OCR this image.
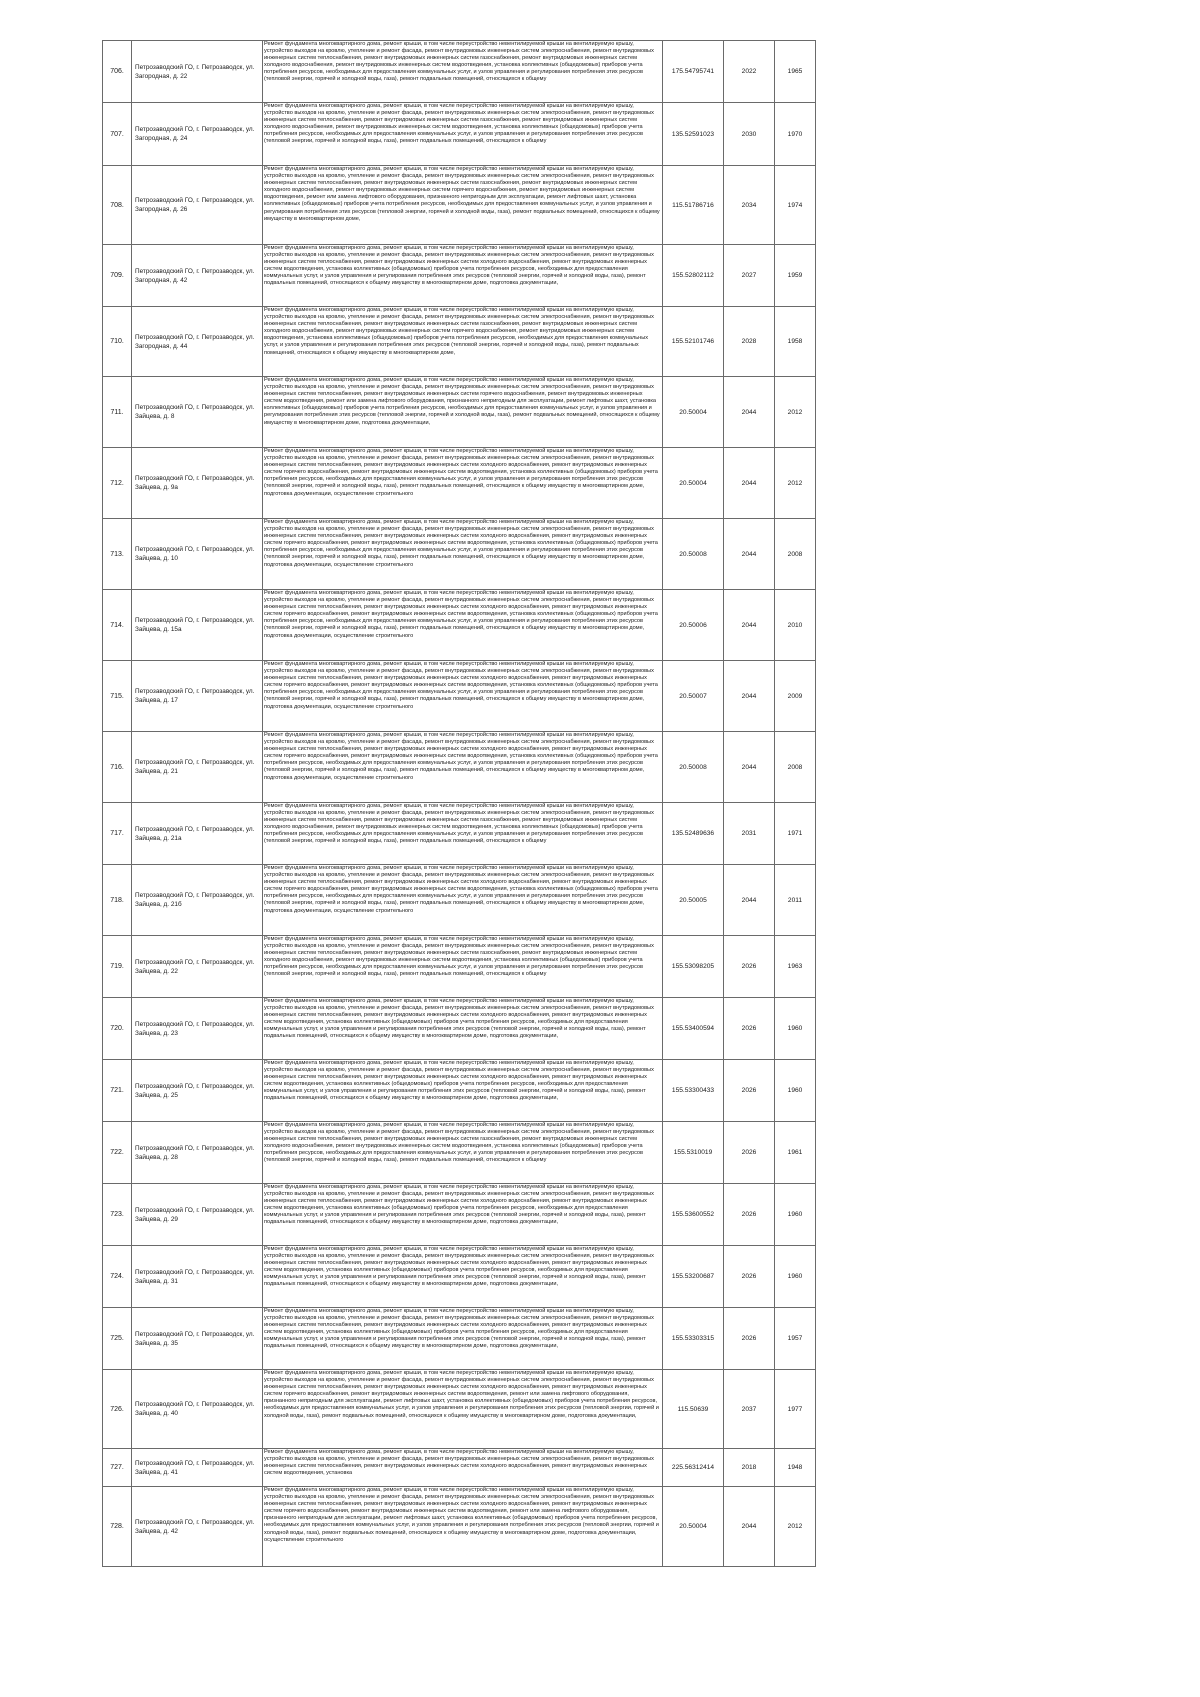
706.	Петрозаводский ГО, г. Петрозаводск, ул. Загородная, д. 22	Ремонт фундамента многоквартирного дома, ремонт крыши, в том числе переустройство невентилируемой крыши на вентилируемую крышу, устройство выходов на кровлю, утепление и ремонт фасада, ремонт внутридомовых инженерных систем электроснабжения, ремонт внутридомовых инженерных систем теплоснабжения, ремонт внутридомовых инженерных систем газоснабжения, ремонт внутридомовых инженерных систем холодного водоснабжения, ремонт внутридомовых инженерных систем водоотведения, установка коллективных (общедомовых) приборов учета потребления ресурсов, необходимых для предоставления коммунальных услуг, и узлов управления и регулирования потребления этих ресурсов (тепловой энергии, горячей и холодной воды, газа), ремонт подвальных помещений, относящихся к общему	175.54795741	2022	1965
707.	Петрозаводский ГО, г. Петрозаводск, ул. Загородная, д. 24	Ремонт фундамента многоквартирного дома, ремонт крыши, в том числе переустройство невентилируемой крыши на вентилируемую крышу, устройство выходов на кровлю, утепление и ремонт фасада, ремонт внутридомовых инженерных систем электроснабжения, ремонт внутридомовых инженерных систем теплоснабжения, ремонт внутридомовых инженерных систем газоснабжения, ремонт внутридомовых инженерных систем холодного водоснабжения, ремонт внутридомовых инженерных систем водоотведения, установка коллективных (общедомовых) приборов учета потребления ресурсов, необходимых для предоставления коммунальных услуг, и узлов управления и регулирования потребления этих ресурсов (тепловой энергии, горячей и холодной воды, газа), ремонт подвальных помещений, относящихся к общему	135.52591023	2030	1970
708.	Петрозаводский ГО, г. Петрозаводск, ул. Загородная, д. 26	Ремонт фундамента многоквартирного дома, ремонт крыши, в том числе переустройство невентилируемой крыши на вентилируемую крышу, устройство выходов на кровлю, утепление и ремонт фасада, ремонт внутридомовых инженерных систем электроснабжения, ремонт внутридомовых инженерных систем теплоснабжения, ремонт внутридомовых инженерных систем газоснабжения, ремонт внутридомовых инженерных систем холодного водоснабжения, ремонт внутридомовых инженерных систем горячего водоснабжения, ремонт внутридомовых инженерных систем водоотведения, ремонт или замена лифтового оборудования, признанного непригодным для эксплуатации, ремонт лифтовых шахт, установка коллективных (общедомовых) приборов учета потребления ресурсов, необходимых для предоставления коммунальных услуг, и узлов управления и регулирования потребления этих ресурсов (тепловой энергии, горячей и холодной воды, газа), ремонт подвальных помещений, относящихся к общему имуществу в многоквартирном доме,	115.51786716	2034	1974
709.	Петрозаводский ГО, г. Петрозаводск, ул. Загородная, д. 42	Ремонт фундамента многоквартирного дома, ремонт крыши, в том числе переустройство невентилируемой крыши на вентилируемую крышу, устройство выходов на кровлю, утепление и ремонт фасада, ремонт внутридомовых инженерных систем электроснабжения, ремонт внутридомовых инженерных систем теплоснабжения, ремонт внутридомовых инженерных систем холодного водоснабжения, ремонт внутридомовых инженерных систем водоотведения, установка коллективных (общедомовых) приборов учета потребления ресурсов, необходимых для предоставления коммунальных услуг, и узлов управления и регулирования потребления этих ресурсов (тепловой энергии, горячей и холодной воды, газа), ремонт подвальных помещений, относящихся к общему имуществу в многоквартирном доме, подготовка документации,	155.52802112	2027	1959
710.	Петрозаводский ГО, г. Петрозаводск, ул. Загородная, д. 44	Ремонт фундамента многоквартирного дома, ремонт крыши, в том числе переустройство невентилируемой крыши на вентилируемую крышу, устройство выходов на кровлю, утепление и ремонт фасада, ремонт внутридомовых инженерных систем электроснабжения, ремонт внутридомовых инженерных систем теплоснабжения, ремонт внутридомовых инженерных систем газоснабжения, ремонт внутридомовых инженерных систем холодного водоснабжения, ремонт внутридомовых инженерных систем горячего водоснабжения, ремонт внутридомовых инженерных систем водоотведения, установка коллективных (общедомовых) приборов учета потребления ресурсов, необходимых для предоставления коммунальных услуг, и узлов управления и регулирования потребления этих ресурсов (тепловой энергии, горячей и холодной воды, газа), ремонт подвальных помещений, относящихся к общему имуществу в многоквартирном доме,	155.52101746	2028	1958
711.	Петрозаводский ГО, г. Петрозаводск, ул. Зайцева, д. 8	Ремонт фундамента многоквартирного дома, ремонт крыши, в том числе переустройство невентилируемой крыши на вентилируемую крышу, устройство выходов на кровлю, утепление и ремонт фасада, ремонт внутридомовых инженерных систем электроснабжения, ремонт внутридомовых инженерных систем теплоснабжения, ремонт внутридомовых инженерных систем горячего водоснабжения, ремонт внутридомовых инженерных систем водоотведения, ремонт или замена лифтового оборудования, признанного непригодным для эксплуатации, ремонт лифтовых шахт, установка коллективных (общедомовых) приборов учета потребления ресурсов, необходимых для предоставления коммунальных услуг, и узлов управления и регулирования потребления этих ресурсов (тепловой энергии, горячей и холодной воды, газа), ремонт подвальных помещений, относящихся к общему имуществу в многоквартирном доме, подготовка документации,	20.50004	2044	2012
712.	Петрозаводский ГО, г. Петрозаводск, ул. Зайцева, д. 9а	Ремонт фундамента многоквартирного дома, ремонт крыши, в том числе переустройство невентилируемой крыши на вентилируемую крышу, устройство выходов на кровлю, утепление и ремонт фасада, ремонт внутридомовых инженерных систем электроснабжения, ремонт внутридомовых инженерных систем теплоснабжения, ремонт внутридомовых инженерных систем холодного водоснабжения, ремонт внутридомовых инженерных систем горячего водоснабжения, ремонт внутридомовых инженерных систем водоотведения, установка коллективных (общедомовых) приборов учета потребления ресурсов, необходимых для предоставления коммунальных услуг, и узлов управления и регулирования потребления этих ресурсов (тепловой энергии, горячей и холодной воды, газа), ремонт подвальных помещений, относящихся к общему имуществу в многоквартирном доме, подготовка документации, осуществление строительного	20.50004	2044	2012
713.	Петрозаводский ГО, г. Петрозаводск, ул. Зайцева, д. 10	Ремонт фундамента многоквартирного дома, ремонт крыши, в том числе переустройство невентилируемой крыши на вентилируемую крышу, устройство выходов на кровлю, утепление и ремонт фасада, ремонт внутридомовых инженерных систем электроснабжения, ремонт внутридомовых инженерных систем теплоснабжения, ремонт внутридомовых инженерных систем холодного водоснабжения, ремонт внутридомовых инженерных систем горячего водоснабжения, ремонт внутридомовых инженерных систем водоотведения, установка коллективных (общедомовых) приборов учета потребления ресурсов, необходимых для предоставления коммунальных услуг, и узлов управления и регулирования потребления этих ресурсов (тепловой энергии, горячей и холодной воды, газа), ремонт подвальных помещений, относящихся к общему имуществу в многоквартирном доме, подготовка документации, осуществление строительного	20.50008	2044	2008
714.	Петрозаводский ГО, г. Петрозаводск, ул. Зайцева, д. 15а	Ремонт фундамента многоквартирного дома, ремонт крыши, в том числе переустройство невентилируемой крыши на вентилируемую крышу, устройство выходов на кровлю, утепление и ремонт фасада, ремонт внутридомовых инженерных систем электроснабжения, ремонт внутридомовых инженерных систем теплоснабжения, ремонт внутридомовых инженерных систем холодного водоснабжения, ремонт внутридомовых инженерных систем горячего водоснабжения, ремонт внутридомовых инженерных систем водоотведения, установка коллективных (общедомовых) приборов учета потребления ресурсов, необходимых для предоставления коммунальных услуг, и узлов управления и регулирования потребления этих ресурсов (тепловой энергии, горячей и холодной воды, газа), ремонт подвальных помещений, относящихся к общему имуществу в многоквартирном доме, подготовка документации, осуществление строительного	20.50006	2044	2010
715.	Петрозаводский ГО, г. Петрозаводск, ул. Зайцева, д. 17	Ремонт фундамента многоквартирного дома, ремонт крыши, в том числе переустройство невентилируемой крыши на вентилируемую крышу, устройство выходов на кровлю, утепление и ремонт фасада, ремонт внутридомовых инженерных систем электроснабжения, ремонт внутридомовых инженерных систем теплоснабжения, ремонт внутридомовых инженерных систем холодного водоснабжения, ремонт внутридомовых инженерных систем горячего водоснабжения, ремонт внутридомовых инженерных систем водоотведения, установка коллективных (общедомовых) приборов учета потребления ресурсов, необходимых для предоставления коммунальных услуг, и узлов управления и регулирования потребления этих ресурсов (тепловой энергии, горячей и холодной воды, газа), ремонт подвальных помещений, относящихся к общему имуществу в многоквартирном доме, подготовка документации, осуществление строительного	20.50007	2044	2009
716.	Петрозаводский ГО, г. Петрозаводск, ул. Зайцева, д. 21	Ремонт фундамента многоквартирного дома, ремонт крыши, в том числе переустройство невентилируемой крыши на вентилируемую крышу, устройство выходов на кровлю, утепление и ремонт фасада, ремонт внутридомовых инженерных систем электроснабжения, ремонт внутридомовых инженерных систем теплоснабжения, ремонт внутридомовых инженерных систем холодного водоснабжения, ремонт внутридомовых инженерных систем горячего водоснабжения, ремонт внутридомовых инженерных систем водоотведения, установка коллективных (общедомовых) приборов учета потребления ресурсов, необходимых для предоставления коммунальных услуг, и узлов управления и регулирования потребления этих ресурсов (тепловой энергии, горячей и холодной воды, газа), ремонт подвальных помещений, относящихся к общему имуществу в многоквартирном доме, подготовка документации, осуществление строительного	20.50008	2044	2008
717.	Петрозаводский ГО, г. Петрозаводск, ул. Зайцева, д. 21а	Ремонт фундамента многоквартирного дома, ремонт крыши, в том числе переустройство невентилируемой крыши на вентилируемую крышу, устройство выходов на кровлю, утепление и ремонт фасада, ремонт внутридомовых инженерных систем электроснабжения, ремонт внутридомовых инженерных систем теплоснабжения, ремонт внутридомовых инженерных систем газоснабжения, ремонт внутридомовых инженерных систем холодного водоснабжения, ремонт внутридомовых инженерных систем водоотведения, установка коллективных (общедомовых) приборов учета потребления ресурсов, необходимых для предоставления коммунальных услуг, и узлов управления и регулирования потребления этих ресурсов (тепловой энергии, горячей и холодной воды, газа), ремонт подвальных помещений, относящихся к общему	135.52489636	2031	1971
718.	Петрозаводский ГО, г. Петрозаводск, ул. Зайцева, д. 21б	Ремонт фундамента многоквартирного дома, ремонт крыши, в том числе переустройство невентилируемой крыши на вентилируемую крышу, устройство выходов на кровлю, утепление и ремонт фасада, ремонт внутридомовых инженерных систем электроснабжения, ремонт внутридомовых инженерных систем теплоснабжения, ремонт внутридомовых инженерных систем холодного водоснабжения, ремонт внутридомовых инженерных систем горячего водоснабжения, ремонт внутридомовых инженерных систем водоотведения, установка коллективных (общедомовых) приборов учета потребления ресурсов, необходимых для предоставления коммунальных услуг, и узлов управления и регулирования потребления этих ресурсов (тепловой энергии, горячей и холодной воды, газа), ремонт подвальных помещений, относящихся к общему имуществу в многоквартирном доме, подготовка документации, осуществление строительного	20.50005	2044	2011
719.	Петрозаводский ГО, г. Петрозаводск, ул. Зайцева, д. 22	Ремонт фундамента многоквартирного дома, ремонт крыши, в том числе переустройство невентилируемой крыши на вентилируемую крышу, устройство выходов на кровлю, утепление и ремонт фасада, ремонт внутридомовых инженерных систем электроснабжения, ремонт внутридомовых инженерных систем теплоснабжения, ремонт внутридомовых инженерных систем газоснабжения, ремонт внутридомовых инженерных систем холодного водоснабжения, ремонт внутридомовых инженерных систем водоотведения, установка коллективных (общедомовых) приборов учета потребления ресурсов, необходимых для предоставления коммунальных услуг, и узлов управления и регулирования потребления этих ресурсов (тепловой энергии, горячей и холодной воды, газа), ремонт подвальных помещений, относящихся к общему	155.53098205	2026	1963
720.	Петрозаводский ГО, г. Петрозаводск, ул. Зайцева, д. 23	Ремонт фундамента многоквартирного дома, ремонт крыши, в том числе переустройство невентилируемой крыши на вентилируемую крышу, устройство выходов на кровлю, утепление и ремонт фасада, ремонт внутридомовых инженерных систем электроснабжения, ремонт внутридомовых инженерных систем теплоснабжения, ремонт внутридомовых инженерных систем холодного водоснабжения, ремонт внутридомовых инженерных систем водоотведения, установка коллективных (общедомовых) приборов учета потребления ресурсов, необходимых для предоставления коммунальных услуг, и узлов управления и регулирования потребления этих ресурсов (тепловой энергии, горячей и холодной воды, газа), ремонт подвальных помещений, относящихся к общему имуществу в многоквартирном доме, подготовка документации,	155.53400594	2026	1960
721.	Петрозаводский ГО, г. Петрозаводск, ул. Зайцева, д. 25	Ремонт фундамента многоквартирного дома, ремонт крыши, в том числе переустройство невентилируемой крыши на вентилируемую крышу, устройство выходов на кровлю, утепление и ремонт фасада, ремонт внутридомовых инженерных систем электроснабжения, ремонт внутридомовых инженерных систем теплоснабжения, ремонт внутридомовых инженерных систем холодного водоснабжения, ремонт внутридомовых инженерных систем водоотведения, установка коллективных (общедомовых) приборов учета потребления ресурсов, необходимых для предоставления коммунальных услуг, и узлов управления и регулирования потребления этих ресурсов (тепловой энергии, горячей и холодной воды, газа), ремонт подвальных помещений, относящихся к общему имуществу в многоквартирном доме, подготовка документации,	155.53300433	2026	1960
722.	Петрозаводский ГО, г. Петрозаводск, ул. Зайцева, д. 28	Ремонт фундамента многоквартирного дома, ремонт крыши, в том числе переустройство невентилируемой крыши на вентилируемую крышу, устройство выходов на кровлю, утепление и ремонт фасада, ремонт внутридомовых инженерных систем электроснабжения, ремонт внутридомовых инженерных систем теплоснабжения, ремонт внутридомовых инженерных систем газоснабжения, ремонт внутридомовых инженерных систем холодного водоснабжения, ремонт внутридомовых инженерных систем водоотведения, установка коллективных (общедомовых) приборов учета потребления ресурсов, необходимых для предоставления коммунальных услуг, и узлов управления и регулирования потребления этих ресурсов (тепловой энергии, горячей и холодной воды, газа), ремонт подвальных помещений, относящихся к общему	155.5310019	2026	1961
723.	Петрозаводский ГО, г. Петрозаводск, ул. Зайцева, д. 29	Ремонт фундамента многоквартирного дома, ремонт крыши, в том числе переустройство невентилируемой крыши на вентилируемую крышу, устройство выходов на кровлю, утепление и ремонт фасада, ремонт внутридомовых инженерных систем электроснабжения, ремонт внутридомовых инженерных систем теплоснабжения, ремонт внутридомовых инженерных систем холодного водоснабжения, ремонт внутридомовых инженерных систем водоотведения, установка коллективных (общедомовых) приборов учета потребления ресурсов, необходимых для предоставления коммунальных услуг, и узлов управления и регулирования потребления этих ресурсов (тепловой энергии, горячей и холодной воды, газа), ремонт подвальных помещений, относящихся к общему имуществу в многоквартирном доме, подготовка документации,	155.53600552	2026	1960
724.	Петрозаводский ГО, г. Петрозаводск, ул. Зайцева, д. 31	Ремонт фундамента многоквартирного дома, ремонт крыши, в том числе переустройство невентилируемой крыши на вентилируемую крышу, устройство выходов на кровлю, утепление и ремонт фасада, ремонт внутридомовых инженерных систем электроснабжения, ремонт внутридомовых инженерных систем теплоснабжения, ремонт внутридомовых инженерных систем холодного водоснабжения, ремонт внутридомовых инженерных систем водоотведения, установка коллективных (общедомовых) приборов учета потребления ресурсов, необходимых для предоставления коммунальных услуг, и узлов управления и регулирования потребления этих ресурсов (тепловой энергии, горячей и холодной воды, газа), ремонт подвальных помещений, относящихся к общему имуществу в многоквартирном доме, подготовка документации,	155.53200687	2026	1960
725.	Петрозаводский ГО, г. Петрозаводск, ул. Зайцева, д. 35	Ремонт фундамента многоквартирного дома, ремонт крыши, в том числе переустройство невентилируемой крыши на вентилируемую крышу, устройство выходов на кровлю, утепление и ремонт фасада, ремонт внутридомовых инженерных систем электроснабжения, ремонт внутридомовых инженерных систем теплоснабжения, ремонт внутридомовых инженерных систем холодного водоснабжения, ремонт внутридомовых инженерных систем водоотведения, установка коллективных (общедомовых) приборов учета потребления ресурсов, необходимых для предоставления коммунальных услуг, и узлов управления и регулирования потребления этих ресурсов (тепловой энергии, горячей и холодной воды, газа), ремонт подвальных помещений, относящихся к общему имуществу в многоквартирном доме, подготовка документации,	155.53303315	2026	1957
726.	Петрозаводский ГО, г. Петрозаводск, ул. Зайцева, д. 40	Ремонт фундамента многоквартирного дома, ремонт крыши, в том числе переустройство невентилируемой крыши на вентилируемую крышу, устройство выходов на кровлю, утепление и ремонт фасада, ремонт внутридомовых инженерных систем электроснабжения, ремонт внутридомовых инженерных систем теплоснабжения, ремонт внутридомовых инженерных систем холодного водоснабжения, ремонт внутридомовых инженерных систем горячего водоснабжения, ремонт внутридомовых инженерных систем водоотведения, ремонт или замена лифтового оборудования, признанного непригодным для эксплуатации, ремонт лифтовых шахт, установка коллективных (общедомовых) приборов учета потребления ресурсов, необходимых для предоставления коммунальных услуг, и узлов управления и регулирования потребления этих ресурсов (тепловой энергии, горячей и холодной воды, газа), ремонт подвальных помещений, относящихся к общему имуществу в многоквартирном доме, подготовка документации,	115.50639	2037	1977
727.	Петрозаводский ГО, г. Петрозаводск, ул. Зайцева, д. 41	Ремонт фундамента многоквартирного дома, ремонт крыши, в том числе переустройство невентилируемой крыши на вентилируемую крышу, устройство выходов на кровлю, утепление и ремонт фасада, ремонт внутридомовых инженерных систем электроснабжения, ремонт внутридомовых инженерных систем теплоснабжения, ремонт внутридомовых инженерных систем холодного водоснабжения, ремонт внутридомовых инженерных систем водоотведения, установка	225.56312414	2018	1948
728.	Петрозаводский ГО, г. Петрозаводск, ул. Зайцева, д. 42	Ремонт фундамента многоквартирного дома, ремонт крыши, в том числе переустройство невентилируемой крыши на вентилируемую крышу, устройство выходов на кровлю, утепление и ремонт фасада, ремонт внутридомовых инженерных систем электроснабжения, ремонт внутридомовых инженерных систем теплоснабжения, ремонт внутридомовых инженерных систем холодного водоснабжения, ремонт внутридомовых инженерных систем горячего водоснабжения, ремонт внутридомовых инженерных систем водоотведения, ремонт или замена лифтового оборудования, признанного непригодным для эксплуатации, ремонт лифтовых шахт, установка коллективных (общедомовых) приборов учета потребления ресурсов, необходимых для предоставления коммунальных услуг, и узлов управления и регулирования потребления этих ресурсов (тепловой энергии, горячей и холодной воды, газа), ремонт подвальных помещений, относящихся к общему имуществу в многоквартирном доме, подготовка документации, осуществление строительного	20.50004	2044	2012
